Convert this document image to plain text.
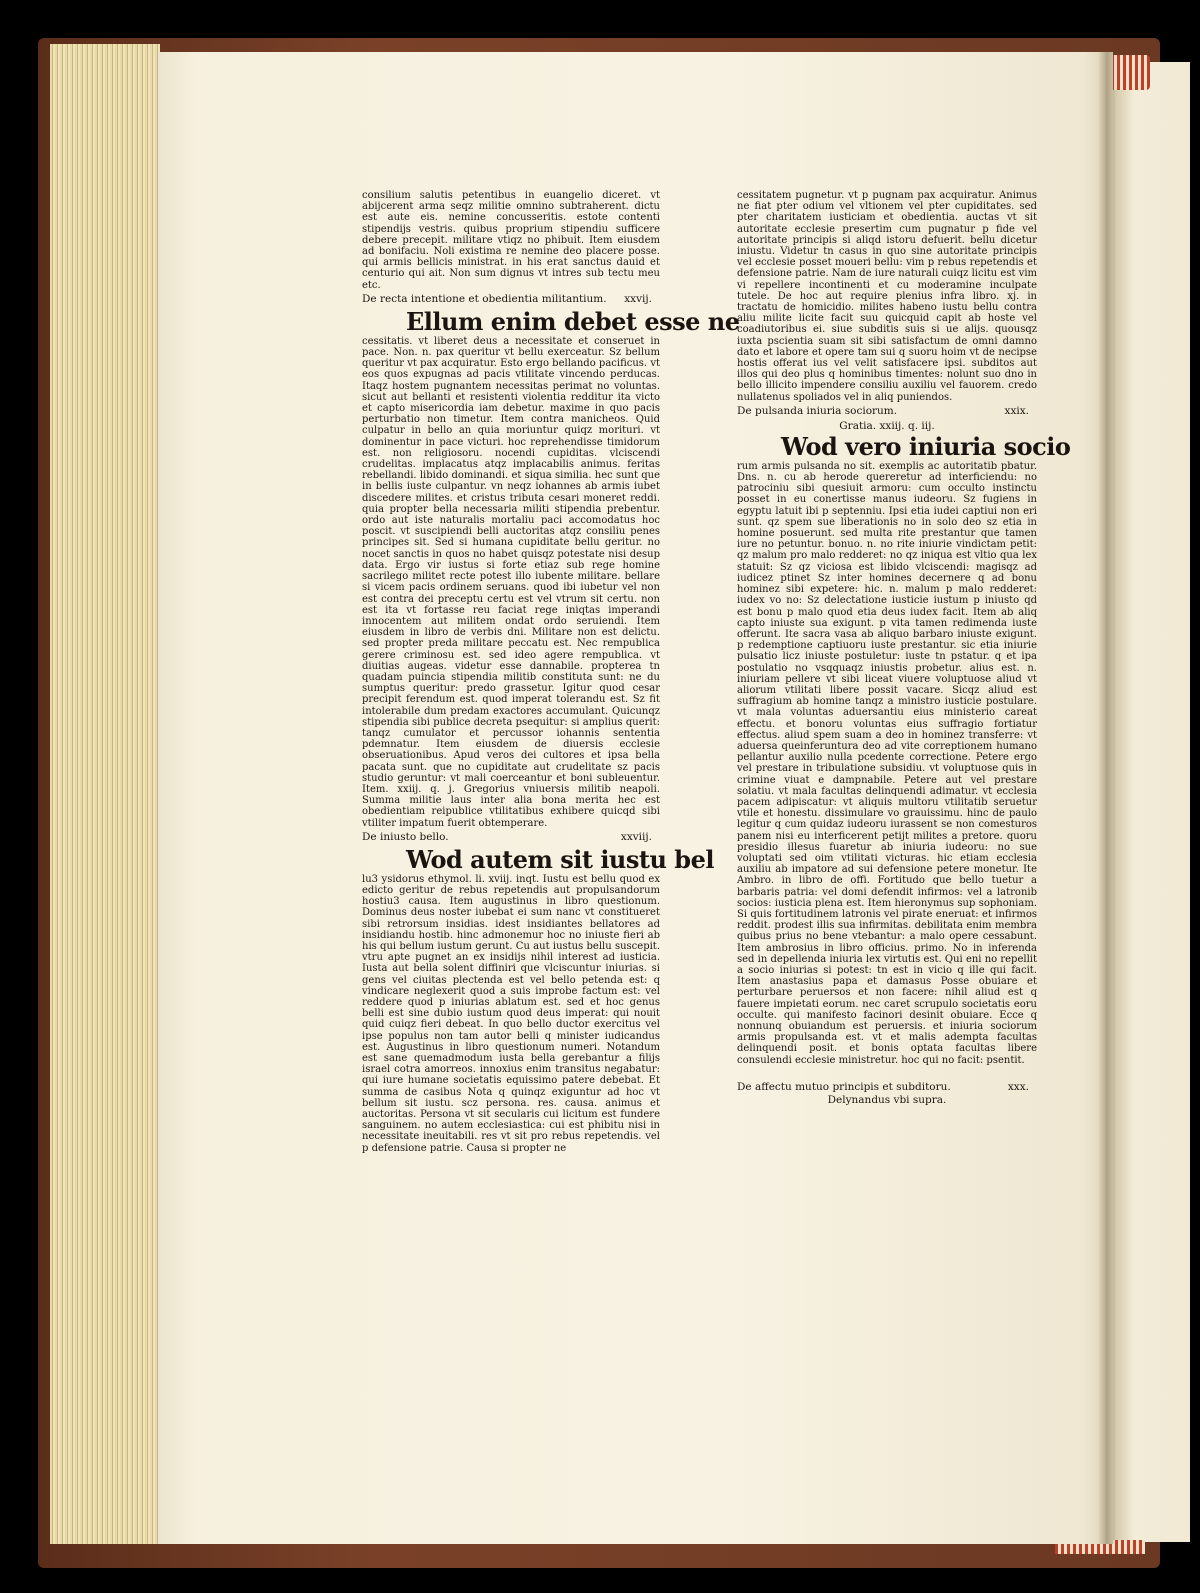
consilium salutis petentibus in euangelio diceret. vt abijcerent arma seqz militie omnino subtraherent. dictu est aute eis. nemine concusseritis. estote contenti stipendijs vestris. quibus proprium stipendiu sufficere debere precepit. militare vtiqz no phibuit. Item eiusdem ad bonifaciu. Noli existima re nemine deo placere posse. qui armis bellicis ministrat. in his erat sanctus dauid et centurio qui ait. Non sum dignus vt intres sub tectu meu etc.

De recta intentione et obedientia militantium. xxvij.
Ellum enim debet esse ne

cessitatis. vt liberet deus a necessitate et conseruet in pace. Non. n. pax queritur vt bellu exerceatur. Sz bellum queritur vt pax acquiratur. Esto ergo bellando pacificus. vt eos quos expugnas ad pacis vtilitate vincendo perducas. Itaqz hostem pugnantem necessitas perimat no voluntas. sicut aut bellanti et resistenti violentia redditur ita victo et capto misericordia iam debetur. maxime in quo pacis perturbatio non timetur. Item contra manicheos. Quid culpatur in bello an quia moriuntur quiqz morituri. vt dominentur in pace victuri. hoc reprehendisse timidorum est. non religiosoru. nocendi cupiditas. vlciscendi crudelitas. implacatus atqz implacabilis animus. feritas rebellandi. libido dominandi. et siqua similia. hec sunt que in bellis iuste culpantur. vn neqz iohannes ab armis iubet discedere milites. et cristus tributa cesari moneret reddi. quia propter bella necessaria militi stipendia prebentur. ordo aut iste naturalis mortaliu paci accomodatus hoc poscit. vt suscipiendi belli auctoritas atqz consiliu penes principes sit. Sed si humana cupiditate bellu geritur. no nocet sanctis in quos no habet quisqz potestate nisi desup data. Ergo vir iustus si forte etiaz sub rege homine sacrilego militet recte potest illo iubente militare. bellare si vicem pacis ordinem seruans. quod ibi iubetur vel non est contra dei preceptu certu est vel vtrum sit certu. non est ita vt fortasse reu faciat rege iniqtas imperandi innocentem aut militem ondat ordo seruiendi. Item eiusdem in libro de verbis dni. Militare non est delictu. sed propter preda militare peccatu est. Nec rempublica gerere criminosu est. sed ideo agere rempublica. vt diuitias augeas. videtur esse dannabile. propterea tn quadam puincia stipendia militib constituta sunt: ne du sumptus queritur: predo grassetur. Igitur quod cesar precipit ferendum est. quod imperat tolerandu est. Sz fit intolerabile dum predam exactores accumulant. Quicunqz stipendia sibi publice decreta psequitur: si amplius querit: tanqz cumulator et percussor iohannis sententia pdemnatur. Item eiusdem de diuersis ecclesie obseruationibus. Apud veros dei cultores et ipsa bella pacata sunt. que no cupiditate aut crudelitate sz pacis studio geruntur: vt mali coerceantur et boni subleuentur. Item. xxiij. q. j. Gregorius vniuersis militib neapoli. Summa militie laus inter alia bona merita hec est obedientiam reipublice vtilitatibus exhibere quicqd sibi vtiliter impatum fuerit obtemperare.

De iniusto bello.	xxviij.
Wod autem sit iustu bel

lu3 ysidorus ethymol. li. xviij. inqt. Iustu est bellu quod ex edicto geritur de rebus repetendis aut propulsandorum hostiu3 causa. Item augustinus in libro questionum. Dominus deus noster iubebat ei sum nanc vt constitueret sibi retrorsum insidias. idest insidiantes bellatores ad insidiandu hostib. hinc admonemur hoc no iniuste fieri ab his qui bellum iustum gerunt. Cu aut iustus bellu suscepit. vtru apte pugnet an ex insidijs nihil interest ad iusticia. Iusta aut bella solent diffiniri que vlciscuntur iniurias. si gens vel ciuitas plectenda est vel bello petenda est: q vindicare neglexerit quod a suis improbe factum est: vel reddere quod p iniurias ablatum est. sed et hoc genus belli est sine dubio iustum quod deus imperat: qui nouit quid cuiqz fieri debeat. In quo bello ductor exercitus vel ipse populus non tam autor belli q minister iudicandus est. Augustinus in libro questionum numeri. Notandum est sane quemadmodum iusta bella gerebantur a filijs israel cotra amorreos. innoxius enim transitus negabatur: qui iure humane societatis equissimo patere debebat. Et summa de casibus Nota q quinqz exiguntur ad hoc vt bellum sit iustu. scz persona. res. causa. animus et auctoritas. Persona vt sit secularis cui licitum est fundere sanguinem. no autem ecclesiastica: cui est phibitu nisi in necessitate ineuitabili. res vt sit pro rebus repetendis. vel p defensione patrie. Causa si propter ne

cessitatem pugnetur. vt p pugnam pax acquiratur. Animus ne fiat pter odium vel vltionem vel pter cupiditates. sed pter charitatem iusticiam et obedientia. auctas vt sit autoritate ecclesie presertim cum pugnatur p fide vel autoritate principis si aliqd istoru defuerit. bellu dicetur iniustu. Videtur tn casus in quo sine autoritate principis vel ecclesie posset moueri bellu: vim p rebus repetendis et defensione patrie. Nam de iure naturali cuiqz licitu est vim vi repellere incontinenti et cu moderamine inculpate tutele. De hoc aut require plenius infra libro. xj. in tractatu de homicidio. milites habeno iustu bellu contra aliu milite licite facit suu quicquid capit ab hoste vel coadiutoribus ei. siue subditis suis si ue alijs. quousqz iuxta pscientia suam sit sibi satisfactum de omni damno dato et labore et opere tam sui q suoru hoim vt de necipse hostis offerat ius vel velit satisfacere ipsi. subditos aut illos qui deo plus q hominibus timentes: nolunt suo dno in bello illicito impendere consiliu auxiliu vel fauorem. credo nullatenus spoliados vel in aliq puniendos.

De pulsanda iniuria sociorum.	xxix.

Gratia. xxiij. q. iij.

Wod vero iniuria socio

rum armis pulsanda no sit. exemplis ac autoritatib pbatur. Dns. n. cu ab herode quereretur ad interficiendu: no patrociniu sibi quesiuit armoru: cum occulto instinctu posset in eu conertisse manus iudeoru. Sz fugiens in egyptu latuit ibi p septenniu. Ipsi etia iudei captiui non eri sunt. qz spem sue liberationis no in solo deo sz etia in homine posuerunt. sed multa rite prestantur que tamen iure no petuntur. bonuo. n. no rite iniurie vindictam petit: qz malum pro malo redderet: no qz iniqua est vltio qua lex statuit: Sz qz viciosa est libido vlciscendi: magisqz ad iudicez ptinet Sz inter homines decernere q ad bonu hominez sibi expetere: hic. n. malum p malo redderet: iudex vo no: Sz delectatione iusticie iustum p iniusto qd est bonu p malo quod etia deus iudex facit. Item ab aliq capto iniuste sua exigunt. p vita tamen redimenda iuste offerunt. Ite sacra vasa ab aliquo barbaro iniuste exigunt. p redemptione captiuoru iuste prestantur. sic etia iniurie pulsatio licz iniuste postuletur: iuste tn pstatur. q et ipa postulatio no vsqquaqz iniustis probetur. alius est. n. iniuriam pellere vt sibi liceat viuere voluptuose aliud vt aliorum vtilitati libere possit vacare. Sicqz aliud est suffragium ab homine tanqz a ministro iusticie postulare. vt mala voluntas aduersantiu eius ministerio careat effectu. et bonoru voluntas eius suffragio fortiatur effectus. aliud spem suam a deo in hominez transferre: vt aduersa queinferuntura deo ad vite correptionem humano pellantur auxilio nulla pcedente correctione. Petere ergo vel prestare in tribulatione subsidiu. vt voluptuose quis in crimine viuat e dampnabile. Petere aut vel prestare solatiu. vt mala facultas delinquendi adimatur. vt ecclesia pacem adipiscatur: vt aliquis multoru vtilitatib seruetur vtile et honestu. dissimulare vo grauissimu. hinc de paulo legitur q cum quidaz iudeoru iurassent se non comesturos panem nisi eu interficerent petijt milites a pretore. quoru presidio illesus fuaretur ab iniuria iudeoru: no sue voluptati sed oim vtilitati victuras. hic etiam ecclesia auxiliu ab impatore ad sui defensione petere monetur. Ite Ambro. in libro de offi. Fortitudo que bello tuetur a barbaris patria: vel domi defendit infirmos: vel a latronib socios: iusticia plena est. Item hieronymus sup sophoniam. Si quis fortitudinem latronis vel pirate eneruat: et infirmos reddit. prodest illis sua infirmitas. debilitata enim membra quibus prius no bene vtebantur: a malo opere cessabunt. Item ambrosius in libro officius. primo. No in inferenda sed in depellenda iniuria lex virtutis est. Qui eni no repellit a socio iniurias si potest: tn est in vicio q ille qui facit. Item anastasius papa et damasus Posse obuiare et perturbare peruersos et non facere: nihil aliud est q fauere impietati eorum. nec caret scrupulo societatis eoru occulte. qui manifesto facinori desinit obuiare. Ecce q nonnunq obuiandum est peruersis. et iniuria sociorum armis propulsanda est. vt et malis adempta facultas delinquendi posit. et bonis optata facultas libere consulendi ecclesie ministretur. hoc qui no facit: psentit.

De affectu mutuo principis et subditoru.	xxx.

Delynandus vbi supra.
